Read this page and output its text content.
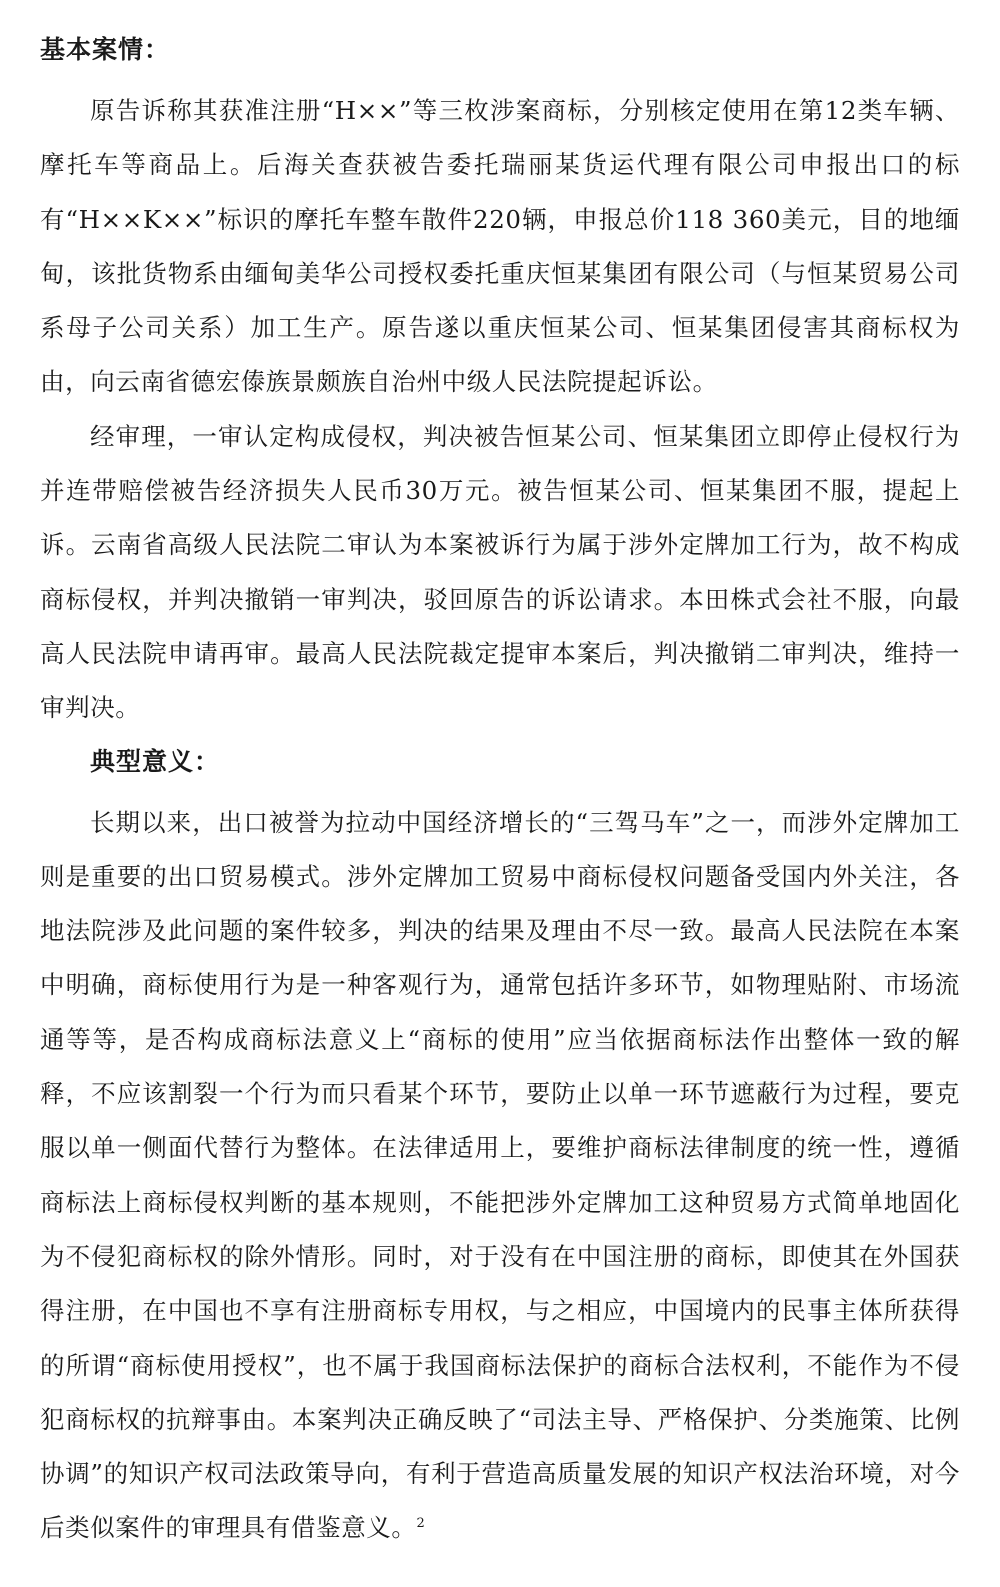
基本案情：

原告诉称其获准注册“H××”等三枚涉案商标，分别核定使用在第12类车辆、摩托车等商品上。后海关查获被告委托瑞丽某货运代理有限公司申报出口的标有“H××K××”标识的摩托车整车散件220辆，申报总价118 360美元，目的地缅甸，该批货物系由缅甸美华公司授权委托重庆恒某集团有限公司（与恒某贸易公司系母子公司关系）加工生产。原告遂以重庆恒某公司、恒某集团侵害其商标权为由，向云南省德宏傣族景颇族自治州中级人民法院提起诉讼。

经审理，一审认定构成侵权，判决被告恒某公司、恒某集团立即停止侵权行为并连带赔偿被告经济损失人民币30万元。被告恒某公司、恒某集团不服，提起上诉。云南省高级人民法院二审认为本案被诉行为属于涉外定牌加工行为，故不构成商标侵权，并判决撤销一审判决，驳回原告的诉讼请求。本田株式会社不服，向最高人民法院申请再审。最高人民法院裁定提审本案后，判决撤销二审判决，维持一审判决。

典型意义：

长期以来，出口被誉为拉动中国经济增长的“三驾马车”之一，而涉外定牌加工则是重要的出口贸易模式。涉外定牌加工贸易中商标侵权问题备受国内外关注，各地法院涉及此问题的案件较多，判决的结果及理由不尽一致。最高人民法院在本案中明确，商标使用行为是一种客观行为，通常包括许多环节，如物理贴附、市场流通等等，是否构成商标法意义上“商标的使用”应当依据商标法作出整体一致的解释，不应该割裂一个行为而只看某个环节，要防止以单一环节遮蔽行为过程，要克服以单一侧面代替行为整体。在法律适用上，要维护商标法律制度的统一性，遵循商标法上商标侵权判断的基本规则，不能把涉外定牌加工这种贸易方式简单地固化为不侵犯商标权的除外情形。同时，对于没有在中国注册的商标，即使其在外国获得注册，在中国也不享有注册商标专用权，与之相应，中国境内的民事主体所获得的所谓“商标使用授权”，也不属于我国商标法保护的商标合法权利，不能作为不侵犯商标权的抗辩事由。本案判决正确反映了“司法主导、严格保护、分类施策、比例协调”的知识产权司法政策导向，有利于营造高质量发展的知识产权法治环境，对今后类似案件的审理具有借鉴意义。$^2$
